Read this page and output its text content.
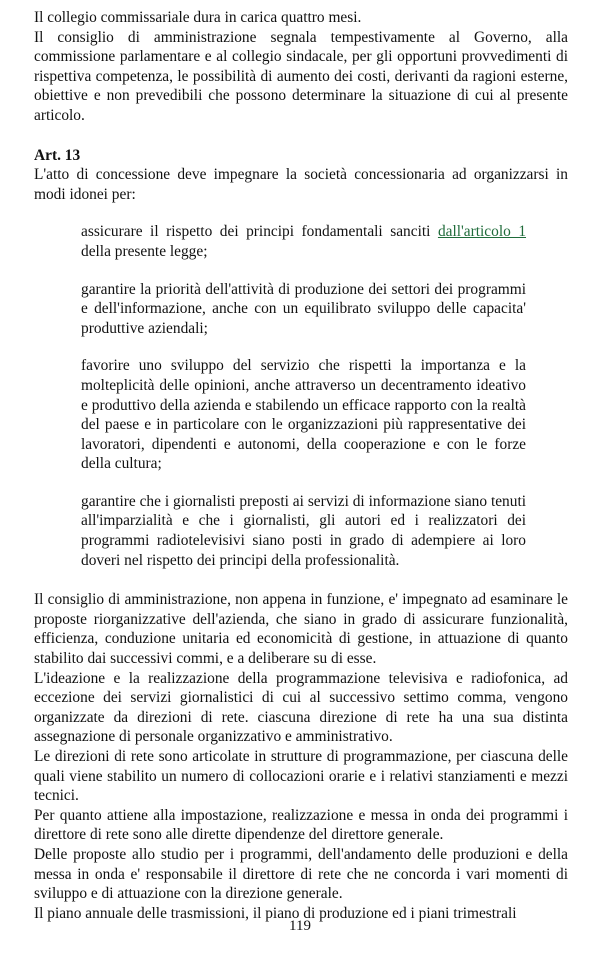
Il collegio commissariale dura in carica quattro mesi.

Il consiglio di amministrazione segnala tempestivamente al Governo, alla commissione parlamentare e al collegio sindacale, per gli opportuni provvedimenti di rispettiva competenza, le possibilità di aumento dei costi, derivanti da ragioni esterne, obiettive e non prevedibili che possono determinare la situazione di cui al presente articolo.

Art. 13

L'atto di concessione deve impegnare la società concessionaria ad organizzarsi in modi idonei per:

assicurare il rispetto dei principi fondamentali sanciti dall'articolo 1 della presente legge;
garantire la priorità dell'attività di produzione dei settori dei programmi e dell'informazione, anche con un equilibrato sviluppo delle capacita' produttive aziendali;
favorire uno sviluppo del servizio che rispetti la importanza e la molteplicità delle opinioni, anche attraverso un decentramento ideativo e produttivo della azienda e stabilendo un efficace rapporto con la realtà del paese e in particolare con le organizzazioni più rappresentative dei lavoratori, dipendenti e autonomi, della cooperazione e con le forze della cultura;
garantire che i giornalisti preposti ai servizi di informazione siano tenuti all'imparzialità e che i giornalisti, gli autori ed i realizzatori dei programmi radiotelevisivi siano posti in grado di adempiere ai loro doveri nel rispetto dei principi della professionalità.

Il consiglio di amministrazione, non appena in funzione, e' impegnato ad esaminare le proposte riorganizzative dell'azienda, che siano in grado di assicurare funzionalità, efficienza, conduzione unitaria ed economicità di gestione, in attuazione di quanto stabilito dai successivi commi, e a deliberare su di esse.

L'ideazione e la realizzazione della programmazione televisiva e radiofonica, ad eccezione dei servizi giornalistici di cui al successivo settimo comma, vengono organizzate da direzioni di rete. ciascuna direzione di rete ha una sua distinta assegnazione di personale organizzativo e amministrativo.

Le direzioni di rete sono articolate in strutture di programmazione, per ciascuna delle quali viene stabilito un numero di collocazioni orarie e i relativi stanziamenti e mezzi tecnici.

Per quanto attiene alla impostazione, realizzazione e messa in onda dei programmi i direttore di rete sono alle dirette dipendenze del direttore generale.

Delle proposte allo studio per i programmi, dell'andamento delle produzioni e della messa in onda e' responsabile il direttore di rete che ne concorda i vari momenti di sviluppo e di attuazione con la direzione generale.

Il piano annuale delle trasmissioni, il piano di produzione ed i piani trimestrali

119
